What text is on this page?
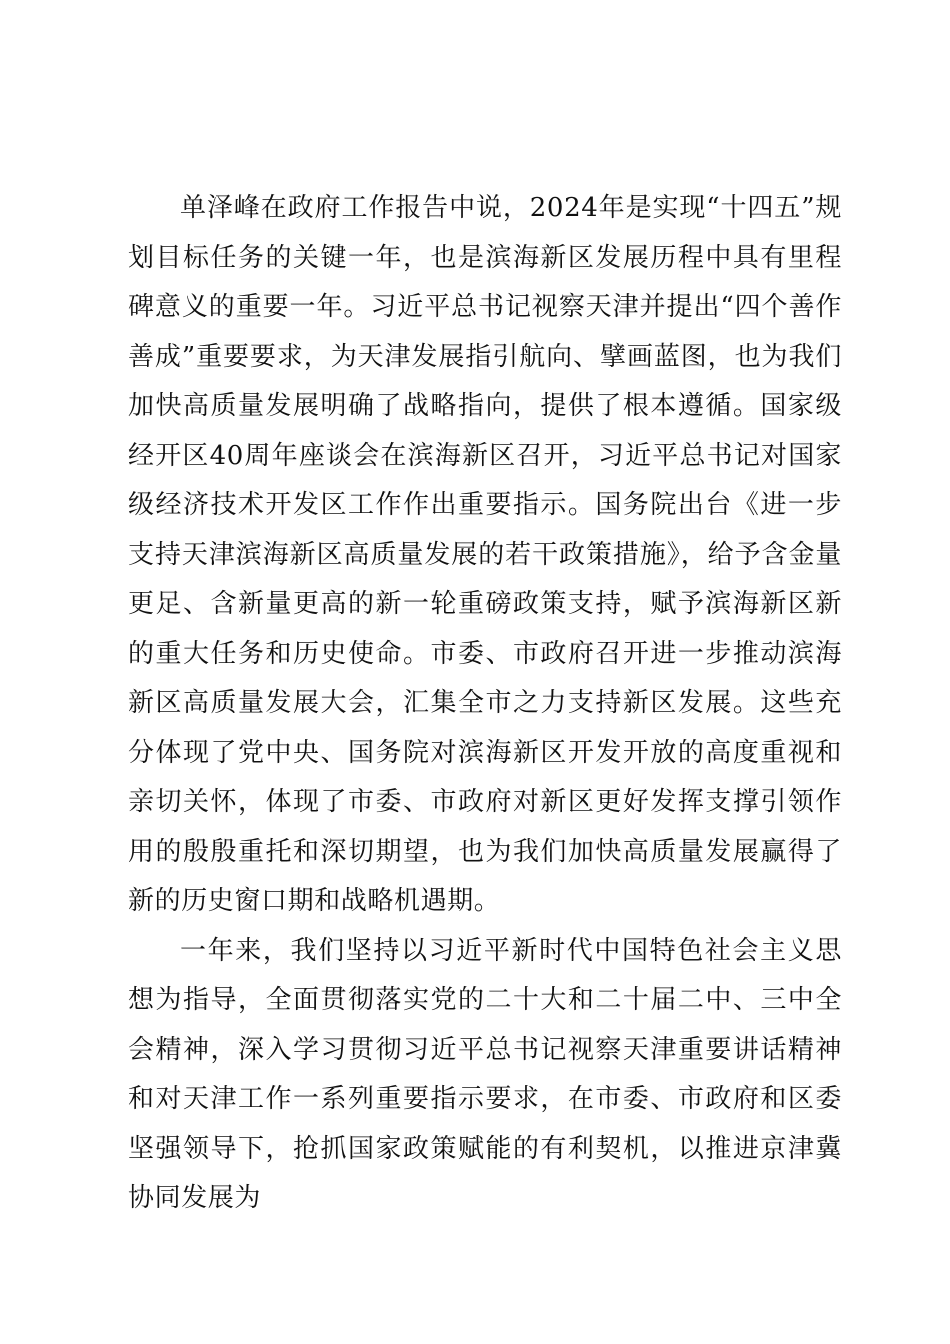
单泽峰在政府工作报告中说，2024年是实现“十四五”规划目标任务的关键一年，也是滨海新区发展历程中具有里程碑意义的重要一年。习近平总书记视察天津并提出“四个善作善成”重要要求，为天津发展指引航向、擘画蓝图，也为我们加快高质量发展明确了战略指向，提供了根本遵循。国家级经开区40周年座谈会在滨海新区召开，习近平总书记对国家级经济技术开发区工作作出重要指示。国务院出台《进一步支持天津滨海新区高质量发展的若干政策措施》，给予含金量更足、含新量更高的新一轮重磅政策支持，赋予滨海新区新的重大任务和历史使命。市委、市政府召开进一步推动滨海新区高质量发展大会，汇集全市之力支持新区发展。这些充分体现了党中央、国务院对滨海新区开发开放的高度重视和亲切关怀，体现了市委、市政府对新区更好发挥支撑引领作用的殷殷重托和深切期望，也为我们加快高质量发展赢得了新的历史窗口期和战略机遇期。

一年来，我们坚持以习近平新时代中国特色社会主义思想为指导，全面贯彻落实党的二十大和二十届二中、三中全会精神，深入学习贯彻习近平总书记视察天津重要讲话精神和对天津工作一系列重要指示要求，在市委、市政府和区委坚强领导下，抢抓国家政策赋能的有利契机，以推进京津冀协同发展为
